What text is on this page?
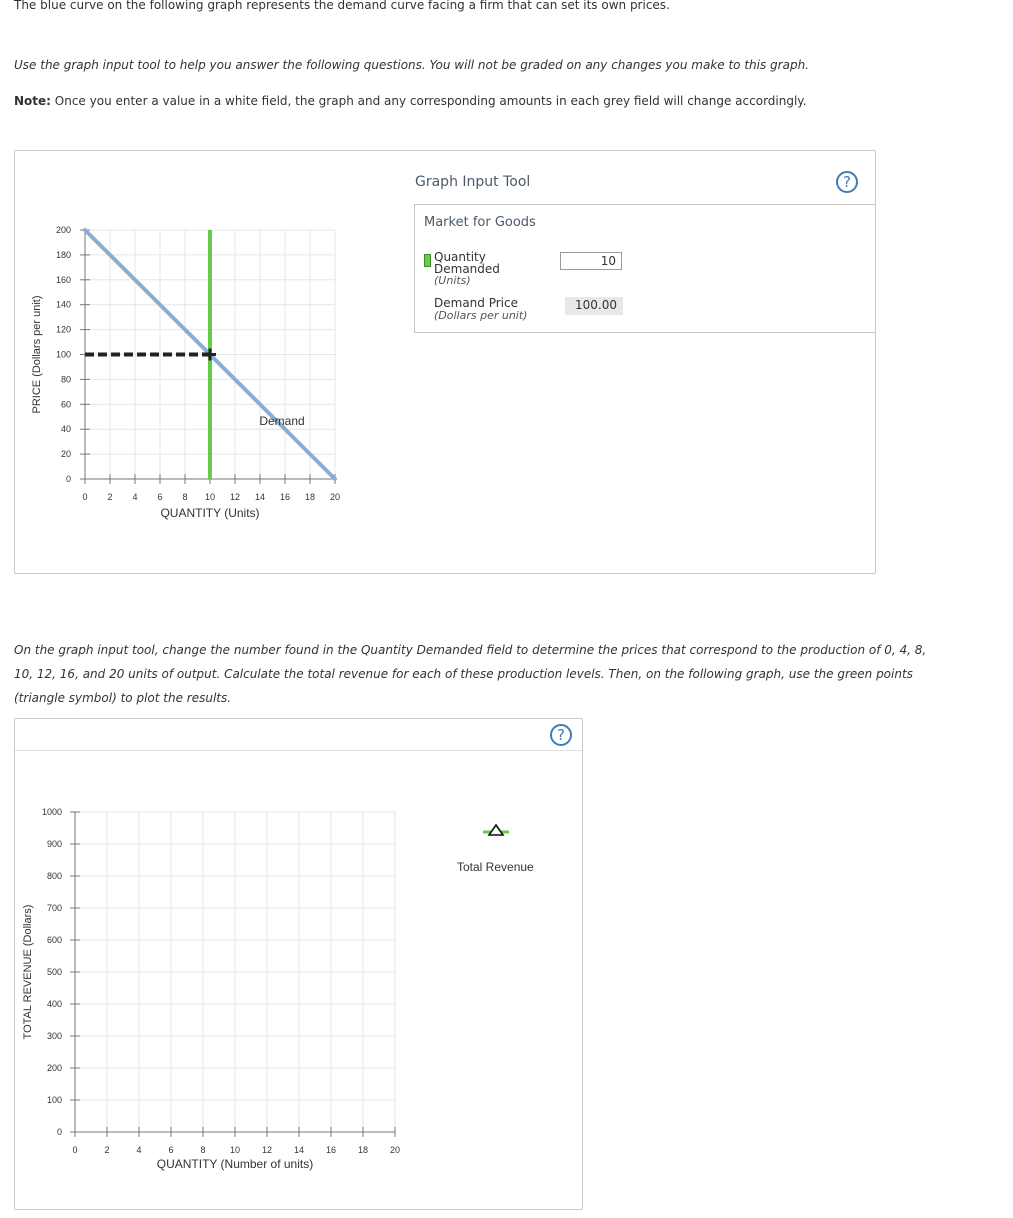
The blue curve on the following graph represents the demand curve facing a firm that can set its own prices.
Use the graph input tool to help you answer the following questions. You will not be graded on any changes you make to this graph.
Note: Once you enter a value in a white field, the graph and any corresponding amounts in each grey field will change accordingly.
0 2 4 6 8 10 12 14 16 18 20
0
20
40
60
80
100
120
140
160
180
200
QUANTITY (Units)
PRICE (Dollars per unit)
Demand
Graph Input Tool	?
Market for Goods
Quantity
Demanded
(Units)
10
Demand Price
(Dollars per unit)
100.00
On the graph input tool, change the number found in the Quantity Demanded field to determine the prices that correspond to the production of 0, 4, 8, 10, 12, 16, and 20 units of output. Calculate the total revenue for each of these production levels. Then, on the following graph, use the green points (triangle symbol) to plot the results.
?
0	2	4	6	8	10 12 14 16 18 20
0
100
200
300
400
500
600
700
800
900
1000
QUANTITY (Number of units)
TOTAL REVENUE (Dollars)
Total Revenue
